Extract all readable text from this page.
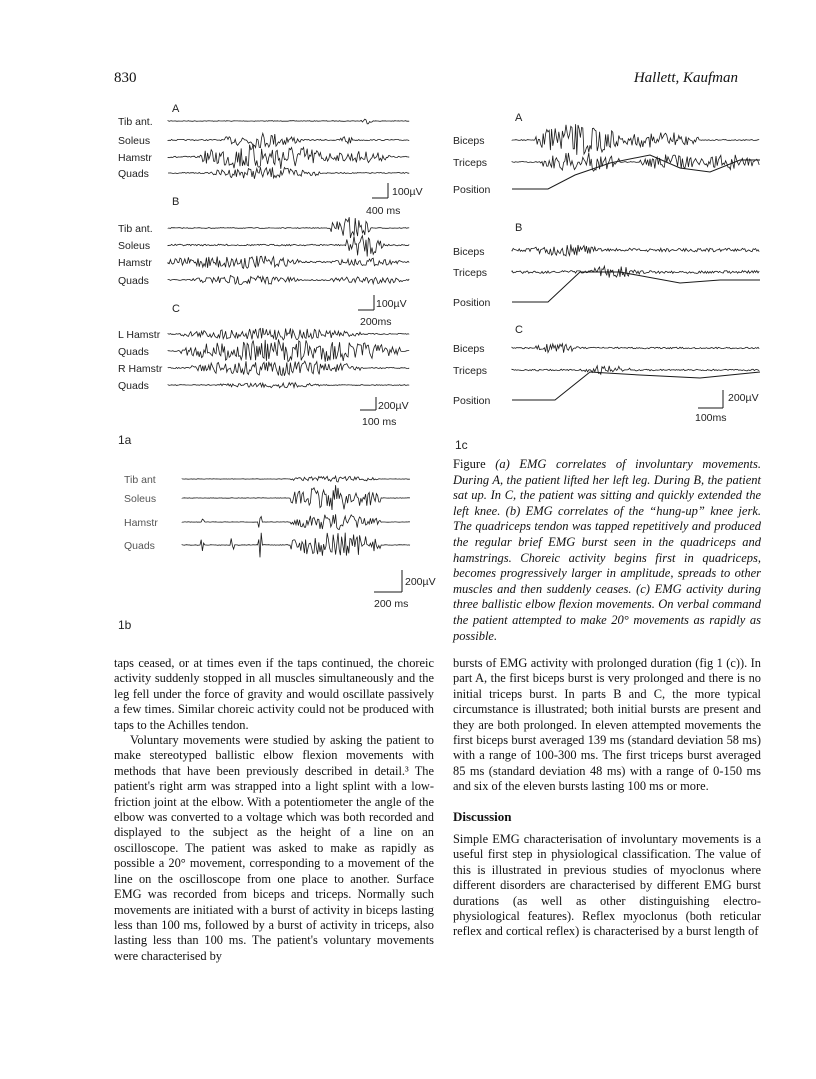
830	Hallett, Kaufman
A
Tib ant.
Soleus
Hamstr
Quads
100µV
400 ms
B
Tib ant.
Soleus
Hamstr
Quads
100µV
200ms
C
L Hamstr
Quads
R Hamstr
Quads
200µV
100 ms
1a
Tib ant
Soleus
Hamstr
Quads
200µV
200 ms
1b
A
Biceps
Triceps
Position
B
Biceps
Triceps
Position
C
Biceps
Triceps
Position	200µV
100ms
1c
Figure (a) EMG correlates of involuntary movements. During A, the patient lifted her left leg. During B, the patient sat up. In C, the patient was sitting and quickly extended the left knee. (b) EMG correlates of the “hung-up” knee jerk. The quadriceps tendon was tapped repetitively and produced the regular brief EMG burst seen in the quadriceps and hamstrings. Choreic activity begins first in quadriceps, becomes progressively larger in amplitude, spreads to other muscles and then suddenly ceases. (c) EMG activity during three ballistic elbow flexion movements. On verbal command the patient attempted to make 20° movements as rapidly as possible.

taps ceased, or at times even if the taps continued, the choreic activity suddenly stopped in all muscles simultaneously and the leg fell under the force of gravity and would oscillate passively a few times. Similar choreic activity could not be produced with taps to the Achilles tendon.

Voluntary movements were studied by asking the patient to make stereotyped ballistic elbow flexion movements with methods that have been previously described in detail.³ The patient's right arm was strapped into a light splint with a low-friction joint at the elbow. With a potentiometer the angle of the elbow was converted to a voltage which was both recorded and displayed to the subject as the height of a line on an oscilloscope. The patient was asked to make as rapidly as possible a 20° movement, corresponding to a movement of the line on the oscilloscope from one place to another. Surface EMG was recorded from biceps and triceps. Normally such movements are initiated with a burst of activity in biceps lasting less than 100 ms, followed by a burst of activity in triceps, also lasting less than 100 ms. The patient's voluntary movements were characterised by

bursts of EMG activity with prolonged duration (fig 1 (c)). In part A, the first biceps burst is very prolonged and there is no initial triceps burst. In parts B and C, the more typical circumstance is illustrated; both initial bursts are present and they are both prolonged. In eleven attempted movements the first biceps burst averaged 139 ms (standard deviation 58 ms) with a range of 100-300 ms. The first triceps burst averaged 85 ms (standard deviation 48 ms) with a range of 0-150 ms and six of the eleven bursts lasting 100 ms or more.

Discussion

Simple EMG characterisation of involuntary movements is a useful first step in physiological classification. The value of this is illustrated in previous studies of myoclonus where different disorders are characterised by different EMG burst durations (as well as other distinguishing electro-physiological features). Reflex myoclonus (both reticular reflex and cortical reflex) is characterised by a burst length of
